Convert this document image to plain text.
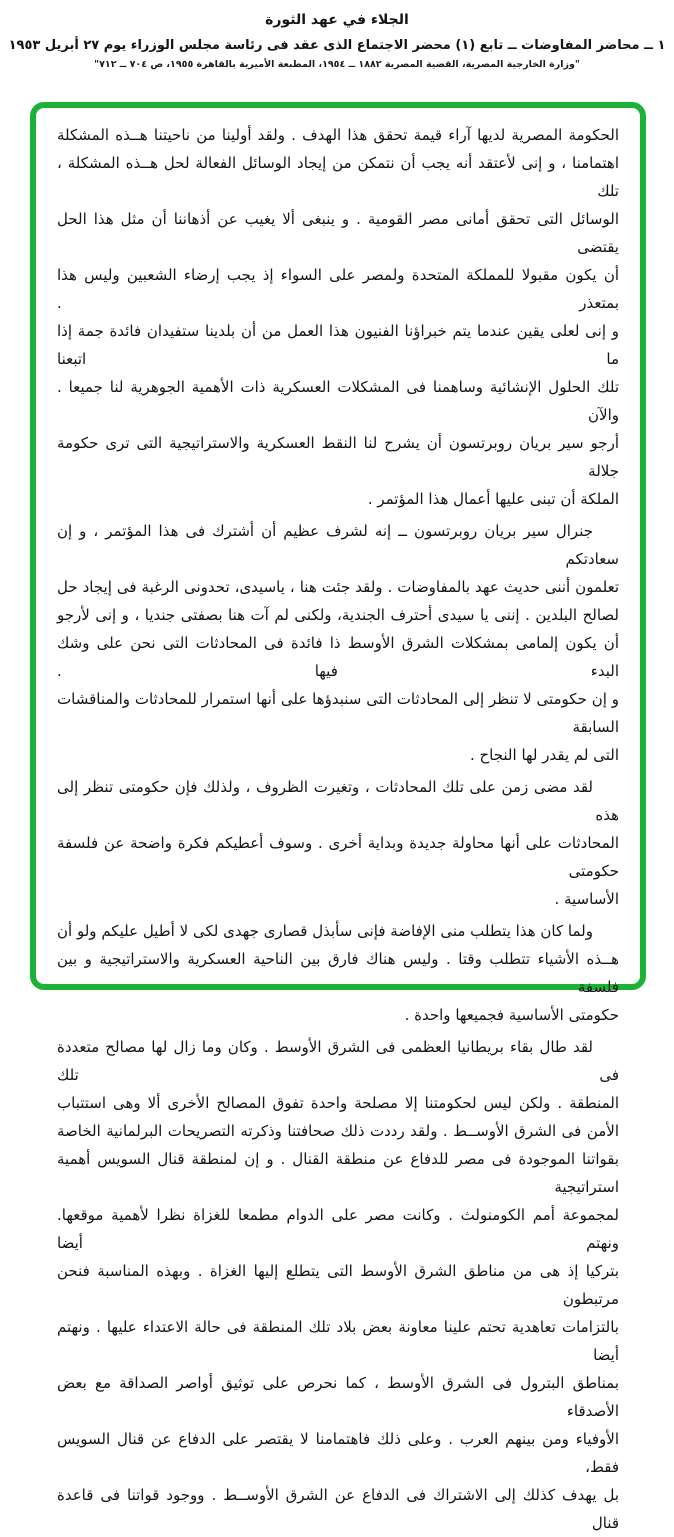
الجلاء في عهد الثورة
١ ــ محاضر المفاوضات ــ تابع (١) محضر الاجتماع الذى عقد فى رئاسة مجلس الوزراء يوم ٢٧ أبريل ١٩٥٣
"وزارة الخارجية المصرية، القضية المصرية ١٨٨٢ ــ ١٩٥٤، المطبعة الأميرية بالقاهرة ١٩٥٥، ص ٧٠٤ ــ ٧١٢"
الحكومة المصرية لديها آراء قيمة تحقق هذا الهدف . ولقد أولينا من ناحيتنا هــذه المشكلة
اهتمامنا ، و إنى لأعتقد أنه يجب أن نتمكن من إيجاد الوسائل الفعالة لحل هــذه المشكلة ، تلك
الوسائل التى تحقق أمانى مصر القومية . و ينبغى ألا يغيب عن أذهاننا أن مثل هذا الحل يقتضى
أن يكون مقبولا للمملكة المتحدة ولمصر على السواء إذ يجب إرضاء الشعبين وليس هذا بمتعذر .
و إنى لعلى يقين عندما يتم خبراؤنا الفنيون هذا العمل من أن بلدينا ستفيدان فائدة جمة إذا ما اتبعنا
تلك الحلول الإنشائية وساهمنا فى المشكلات العسكرية ذات الأهمية الجوهرية لنا جميعا . والآن
أرجو سير بريان روبرتسون أن يشرح لنا النقط العسكرية والاستراتيجية التى ترى حكومة جلالة
الملكة أن تبنى عليها أعمال هذا المؤتمر .
جنرال سير بريان روبرتسون ــ إنه لشرف عظيم أن أشترك فى هذا المؤتمر ، و إن سعادتكم
تعلمون أننى حديث عهد بالمفاوضات . ولقد جئت هنا ، ياسيدى، تحدونى الرغبة فى إيجاد حل
لصالح البلدين . إننى يا سيدى أحترف الجندية، ولكنى لم آت هنا بصفتى جنديا ، و إنى لأرجو
أن يكون إلمامى بمشكلات الشرق الأوسط ذا فائدة فى المحادثات التى نحن على وشك البدء فيها .
و إن حكومتى لا تنظر إلى المحادثات التى سنبدؤها على أنها استمرار للمحادثات والمناقشات السابقة
التى لم يقدر لها النجاح .
لقد مضى زمن على تلك المحادثات ، وتغيرت الظروف ، ولذلك فإن حكومتى تنظر إلى هذه
المحادثات على أنها محاولة جديدة وبداية أخرى . وسوف أعطيكم فكرة واضحة عن فلسفة حكومتى
الأساسية .
ولما كان هذا يتطلب منى الإفاضة فإنى سأبذل قصارى جهدى لكى لا أطيل عليكم ولو أن
هــذه الأشياء تتطلب وقتا . وليس هناك فارق بين الناحية العسكرية والاستراتيجية و بين فلسفة
حكومتى الأساسية فجميعها واحدة .
لقد طال بقاء بريطانيا العظمى فى الشرق الأوسط . وكان وما زال لها مصالح متعددة فى تلك
المنطقة . ولكن ليس لحكومتنا إلا مصلحة واحدة تفوق المصالح الأخرى ألا وهى استتباب
الأمن فى الشرق الأوســط . ولقد رددت ذلك صحافتنا وذكرته التصريحات البرلمانية الخاصة
بقواتنا الموجودة فى مصر للدفاع عن منطقة القنال . و إن لمنطقة قنال السويس أهمية استراتيجية
لمجموعة أمم الكومنولث . وكانت مصر على الدوام مطمعا للغزاة نظرا لأهمية موقعها. ونهتم أيضا
بتركيا إذ هى من مناطق الشرق الأوسط التى يتطلع إليها الغزاة . وبهذه المناسبة فنحن مرتبطون
بالتزامات تعاهدية تحتم علينا معاونة بعض بلاد تلك المنطقة فى حالة الاعتداء عليها . ونهتم أيضا
بمناطق البترول فى الشرق الأوسط ، كما نحرص على توثيق أواصر الصداقة مع بعض الأصدقاء
الأوفياء ومن بينهم العرب . وعلى ذلك فاهتمامنا لا يقتصر على الدفاع عن قنال السويس فقط،
بل يهدف كذلك إلى الاشتراك فى الدفاع عن الشرق الأوســط . ووجود قواتنا فى قاعدة قنال
